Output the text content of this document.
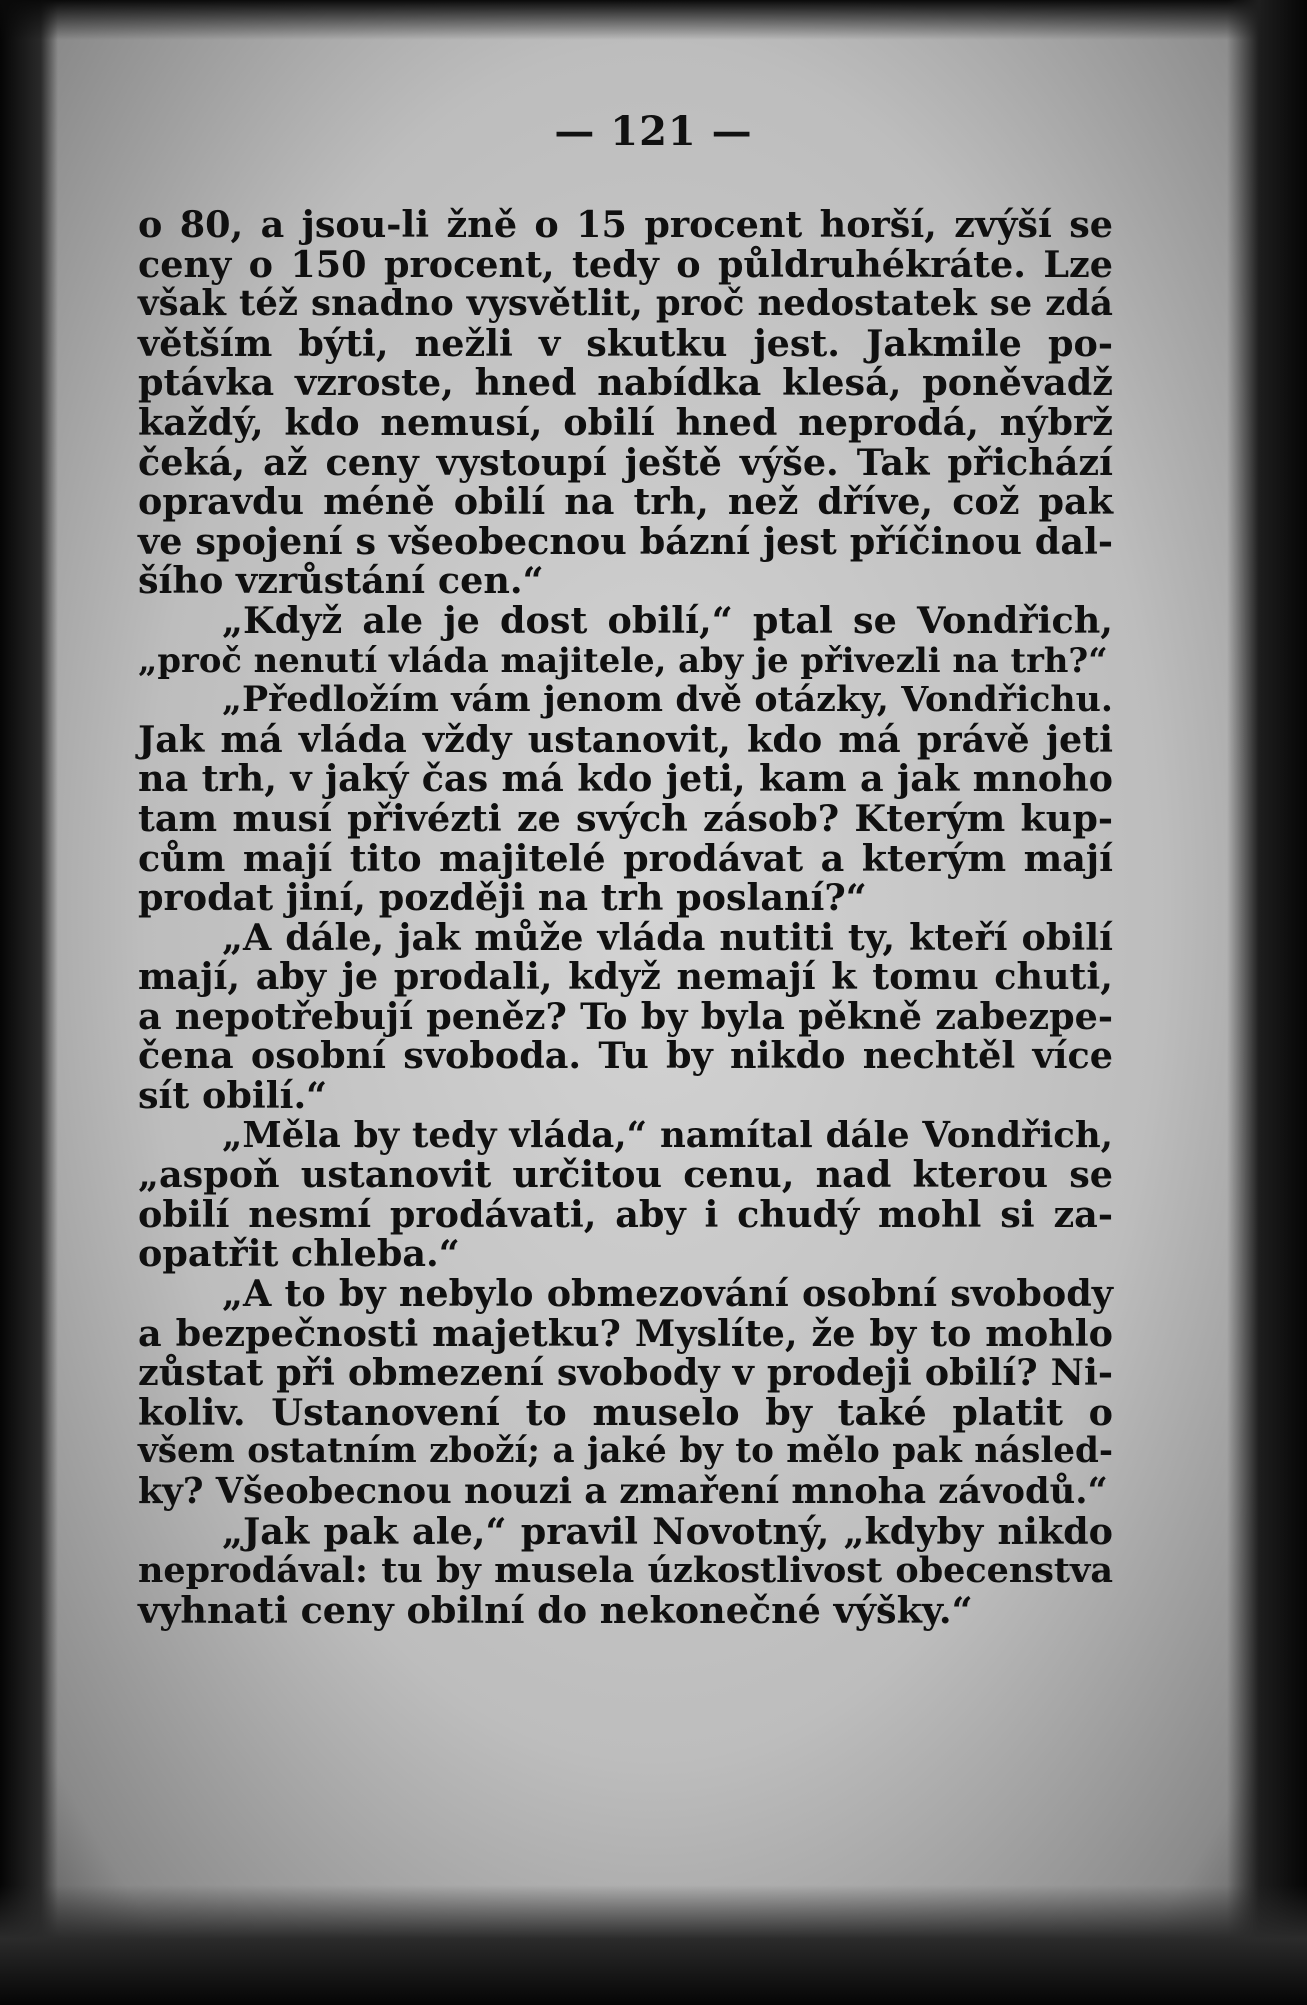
— 121 —
o 80, a jsou-li žně o 15 procent horší, zvýší se
ceny o 150 procent, tedy o půldruhékráte. Lze
však též snadno vysvětlit, proč nedostatek se zdá
větším býti, nežli v skutku jest. Jakmile po-
ptávka vzroste, hned nabídka klesá, poněvadž
každý, kdo nemusí, obilí hned neprodá, nýbrž
čeká, až ceny vystoupí ještě výše. Tak přichází
opravdu méně obilí na trh, než dříve, což pak
ve spojení s všeobecnou bázní jest příčinou dal-
šího vzrůstání cen.“
„Když ale je dost obilí,“ ptal se Vondřich,
„proč nenutí vláda majitele, aby je přivezli na trh?“
„Předložím vám jenom dvě otázky, Vondřichu.
Jak má vláda vždy ustanovit, kdo má právě jeti
na trh, v jaký čas má kdo jeti, kam a jak mnoho
tam musí přivézti ze svých zásob? Kterým kup-
cům mají tito majitelé prodávat a kterým mají
prodat jiní, později na trh poslaní?“
„A dále, jak může vláda nutiti ty, kteří obilí
mají, aby je prodali, když nemají k tomu chuti,
a nepotřebují peněz? To by byla pěkně zabezpe-
čena osobní svoboda. Tu by nikdo nechtěl více
sít obilí.“
„Měla by tedy vláda,“ namítal dále Vondřich,
„aspoň ustanovit určitou cenu, nad kterou se
obilí nesmí prodávati, aby i chudý mohl si za-
opatřit chleba.“
„A to by nebylo obmezování osobní svobody
a bezpečnosti majetku? Myslíte, že by to mohlo
zůstat při obmezení svobody v prodeji obilí? Ni-
koliv. Ustanovení to muselo by také platit o
všem ostatním zboží; a jaké by to mělo pak násled-
ky? Všeobecnou nouzi a zmaření mnoha závodů.“
„Jak pak ale,“ pravil Novotný, „kdyby nikdo
neprodával: tu by musela úzkostlivost obecenstva
vyhnati ceny obilní do nekonečné výšky.“
